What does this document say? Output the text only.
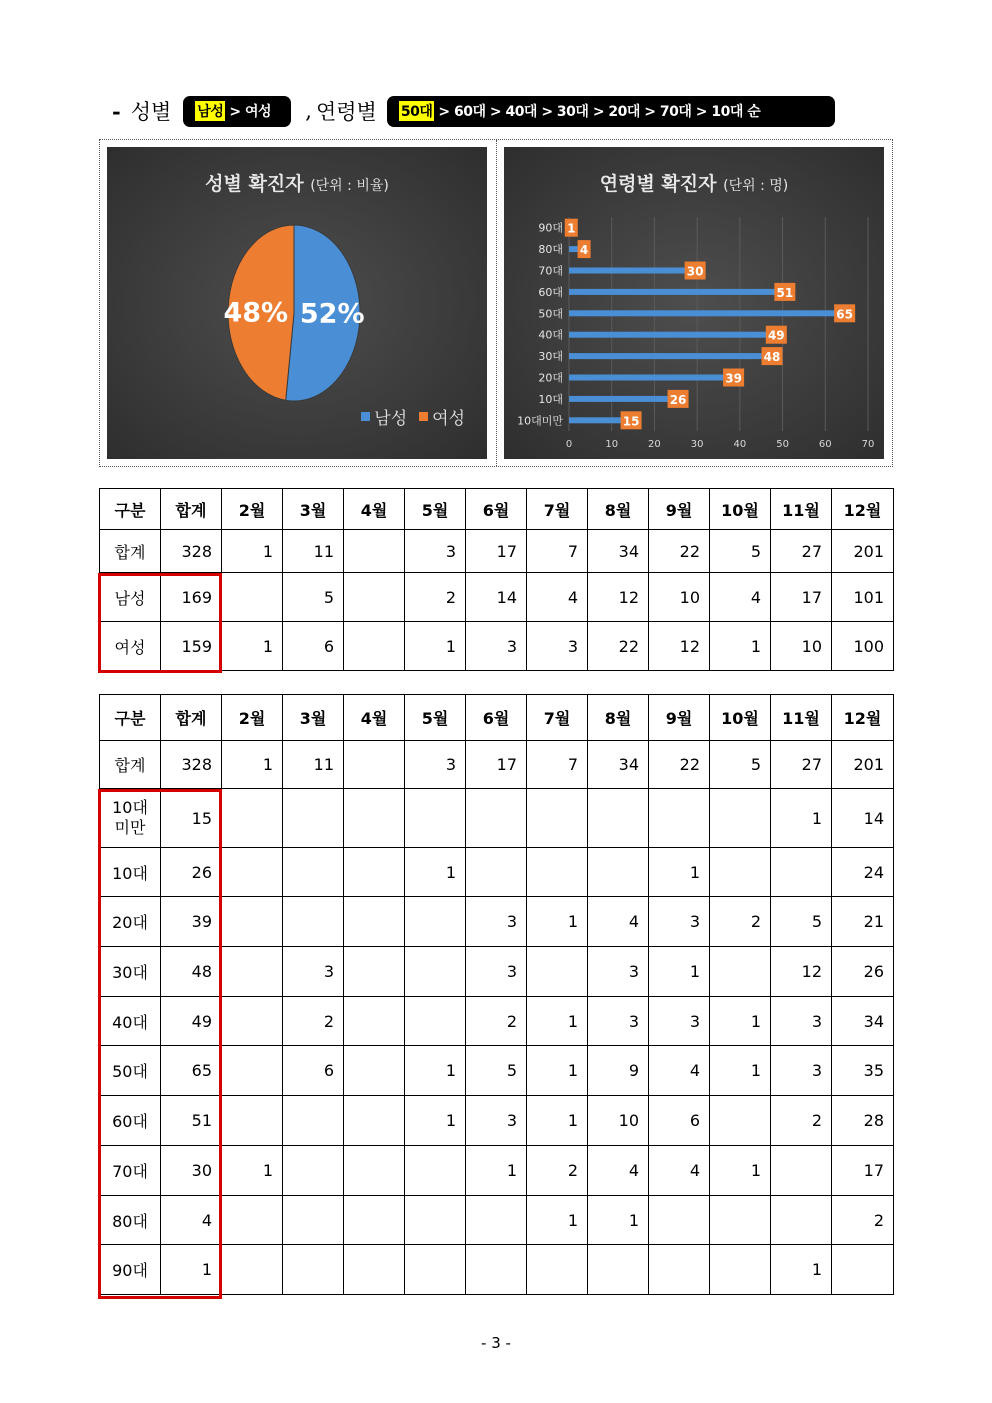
- 성별 남성 > 여성 , 연령별 50대 > 60대 > 40대 > 30대 > 20대 > 70대 > 10대 순
성별 확진자 (단위 : 비율)
52%
48%
남성 여성
연령별 확진자 (단위 : 명)
0	10	20	30	40	50	60	70
90대 1
80대 4
70대	30
60대	51
50대	65
40대	49
30대	48
20대	39
10대	26
10대미만	15
구분	합계	2월	3월	4월	5월	6월	7월	8월	9월	10월	11월	12월
합계	328	1	11		3	17	7	34	22	5	27	201
남성	169		5		2	14	4	12	10	4	17	101
여성	159	1	6		1	3	3	22	12	1	10	100
구분	합계	2월	3월	4월	5월	6월	7월	8월	9월	10월	11월	12월
합계	328	1	11		3	17	7	34	22	5	27	201
10대
미만	15										1	14
10대	26				1				1			24
20대	39					3	1	4	3	2	5	21
30대	48		3			3		3	1		12	26
40대	49		2			2	1	3	3	1	3	34
50대	65		6		1	5	1	9	4	1	3	35
60대	51				1	3	1	10	6		2	28
70대	30	1				1	2	4	4	1		17
80대	4						1	1				2
90대	1										1	
- 3 -
